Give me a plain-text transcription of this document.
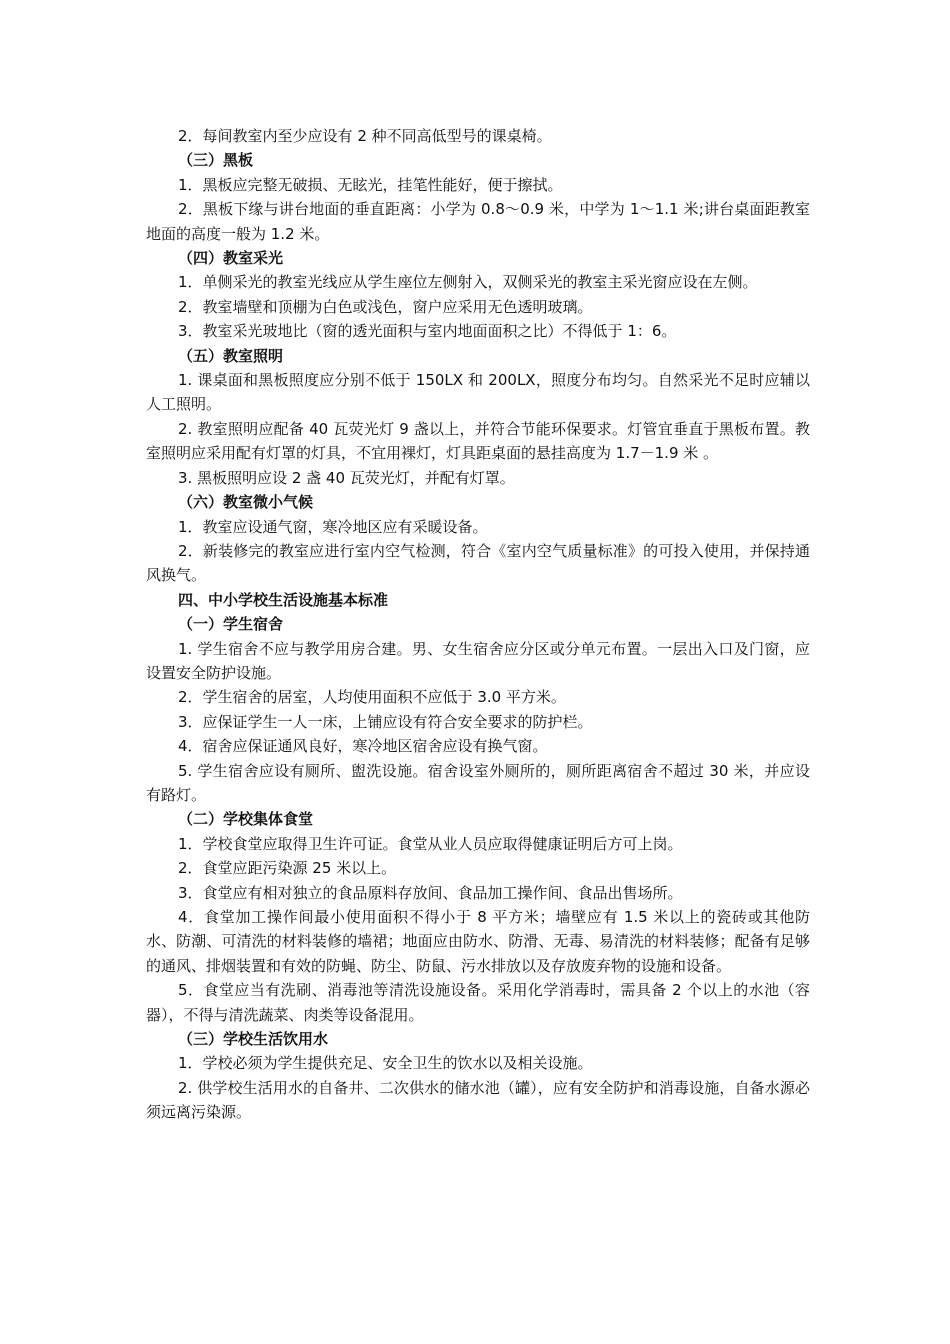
2．每间教室内至少应设有 2 种不同高低型号的课桌椅。

（三）黑板

1．黑板应完整无破损、无眩光，挂笔性能好，便于擦拭。

2．黑板下缘与讲台地面的垂直距离：小学为 0.8～0.9 米，中学为 1～1.1 米;讲台桌面距教室地面的高度一般为 1.2 米。

（四）教室采光

1．单侧采光的教室光线应从学生座位左侧射入，双侧采光的教室主采光窗应设在左侧。

2．教室墙壁和顶棚为白色或浅色，窗户应采用无色透明玻璃。

3．教室采光玻地比（窗的透光面积与室内地面面积之比）不得低于 1：6。

（五）教室照明

1. 课桌面和黑板照度应分别不低于 150LX 和 200LX，照度分布均匀。自然采光不足时应辅以人工照明。

2. 教室照明应配备 40 瓦荧光灯 9 盏以上，并符合节能环保要求。灯管宜垂直于黑板布置。教室照明应采用配有灯罩的灯具，不宜用裸灯，灯具距桌面的悬挂高度为 1.7－1.9 米 。

3. 黑板照明应设 2 盏 40 瓦荧光灯，并配有灯罩。

（六）教室微小气候

1．教室应设通气窗，寒冷地区应有采暖设备。

2．新装修完的教室应进行室内空气检测，符合《室内空气质量标准》的可投入使用，并保持通风换气。

四、中小学校生活设施基本标准

（一）学生宿舍

1. 学生宿舍不应与教学用房合建。男、女生宿舍应分区或分单元布置。一层出入口及门窗，应设置安全防护设施。

2．学生宿舍的居室，人均使用面积不应低于 3.0 平方米。

3．应保证学生一人一床，上铺应设有符合安全要求的防护栏。

4．宿舍应保证通风良好，寒冷地区宿舍应设有换气窗。

5. 学生宿舍应设有厕所、盥洗设施。宿舍设室外厕所的，厕所距离宿舍不超过 30 米，并应设有路灯。

（二）学校集体食堂

1．学校食堂应取得卫生许可证。食堂从业人员应取得健康证明后方可上岗。

2．食堂应距污染源 25 米以上。

3．食堂应有相对独立的食品原料存放间、食品加工操作间、食品出售场所。

4．食堂加工操作间最小使用面积不得小于 8 平方米；墙壁应有 1.5 米以上的瓷砖或其他防水、防潮、可清洗的材料装修的墙裙；地面应由防水、防滑、无毒、易清洗的材料装修；配备有足够的通风、排烟装置和有效的防蝇、防尘、防鼠、污水排放以及存放废弃物的设施和设备。

5．食堂应当有洗刷、消毒池等清洗设施设备。采用化学消毒时，需具备 2 个以上的水池（容器），不得与清洗蔬菜、肉类等设备混用。

（三）学校生活饮用水

1．学校必须为学生提供充足、安全卫生的饮水以及相关设施。

2. 供学校生活用水的自备井、二次供水的储水池（罐），应有安全防护和消毒设施，自备水源必须远离污染源。
